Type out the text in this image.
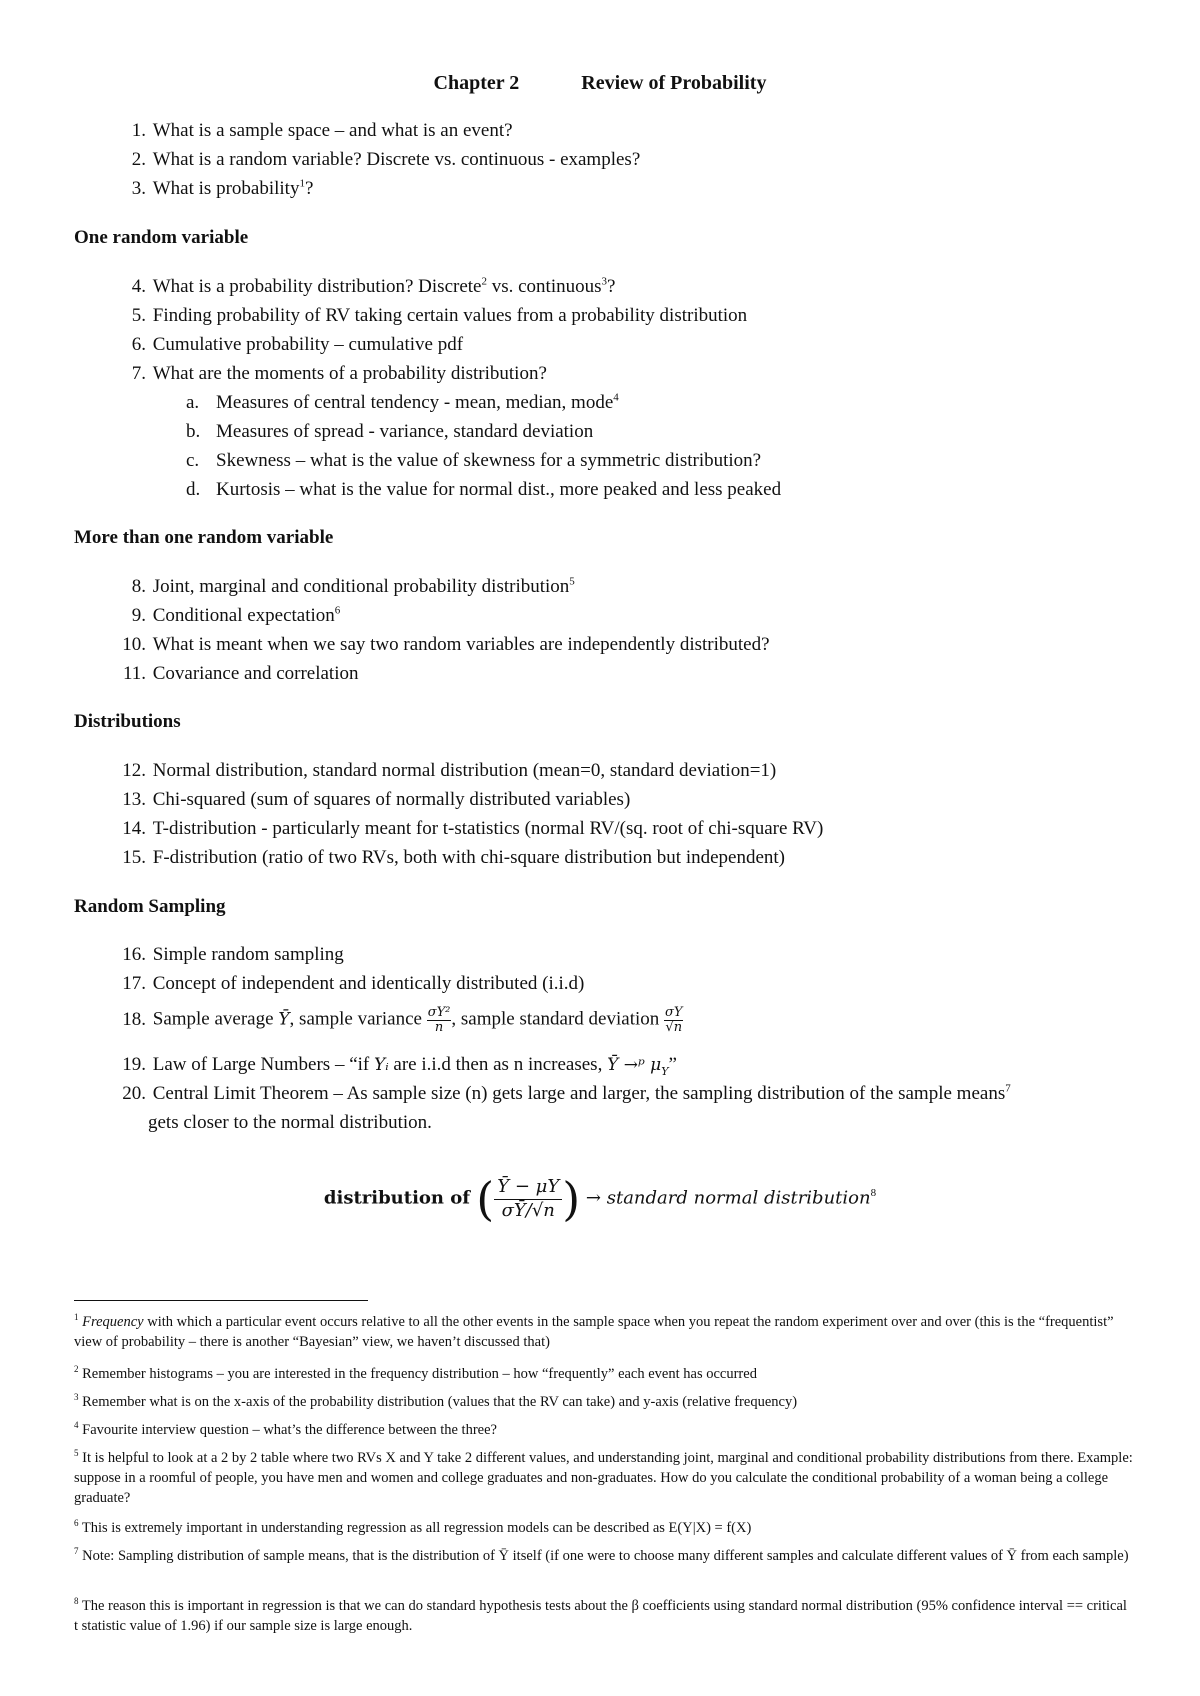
Chapter 2	Review of Probability
1. What is a sample space – and what is an event?
2. What is a random variable? Discrete vs. continuous - examples?
3. What is probability$^1$?
One random variable
4. What is a probability distribution? Discrete$^2$ vs. continuous$^3$?
5. Finding probability of RV taking certain values from a probability distribution
6. Cumulative probability – cumulative pdf
7. What are the moments of a probability distribution?
a. Measures of central tendency - mean, median, mode$^4$
b. Measures of spread - variance, standard deviation
c. Skewness – what is the value of skewness for a symmetric distribution?
d. Kurtosis – what is the value for normal dist., more peaked and less peaked
More than one random variable
8. Joint, marginal and conditional probability distribution$^5$
9. Conditional expectation$^6$
10. What is meant when we say two random variables are independently distributed?
11. Covariance and correlation
Distributions
12. Normal distribution, standard normal distribution (mean=0, standard deviation=1)
13. Chi-squared (sum of squares of normally distributed variables)
14. T-distribution - particularly meant for t-statistics (normal RV/(sq. root of chi-square RV)
15. F-distribution (ratio of two RVs, both with chi-square distribution but independent)
Random Sampling
16. Simple random sampling
17. Concept of independent and identically distributed (i.i.d)
18. Sample average Ȳ, sample variance $\frac{\text{σY²}}{n}$ , sample standard deviation $\frac{\sigma Y}{√n}$
19. Law of Large Numbers – “if Yᵢ are i.i.d then as n increases, Ȳ →ᵖ $\mu_Y$”
20. Central Limit Theorem – As sample size (n) gets large and larger, the sampling distribution of the sample means$^7$
gets closer to the normal distribution.
distribution of ( $\frac{Ȳ - \mu Y}{\sigma Ȳ/√n}$) → standard normal distribution$^8$
$^1$ Frequency with which a particular event occurs relative to all the other events in the sample space when you repeat the random experiment over and over (this is the “frequentist” view of probability – there is another “Bayesian” view, we haven’t discussed that)
$^2$ Remember histograms – you are interested in the frequency distribution – how “frequently” each event has occurred
$^3$ Remember what is on the x-axis of the probability distribution (values that the RV can take) and y-axis (relative frequency)
$^4$ Favourite interview question – what’s the difference between the three?
$^5$ It is helpful to look at a 2 by 2 table where two RVs X and Y take 2 different values, and understanding joint, marginal and conditional probability distributions from there. Example: suppose in a roomful of people, you have men and women and college graduates and non-graduates. How do you calculate the conditional probability of a woman being a college graduate?
$^6$ This is extremely important in understanding regression as all regression models can be described as E(Y|X) = f(X)
$^7$ Note: Sampling distribution of sample means, that is the distribution of Ȳ itself (if one were to choose many different samples and calculate different values of Ȳ from each sample)
$^8$ The reason this is important in regression is that we can do standard hypothesis tests about the β coefficients using standard normal distribution (95% confidence interval == critical t statistic value of 1.96) if our sample size is large enough.
